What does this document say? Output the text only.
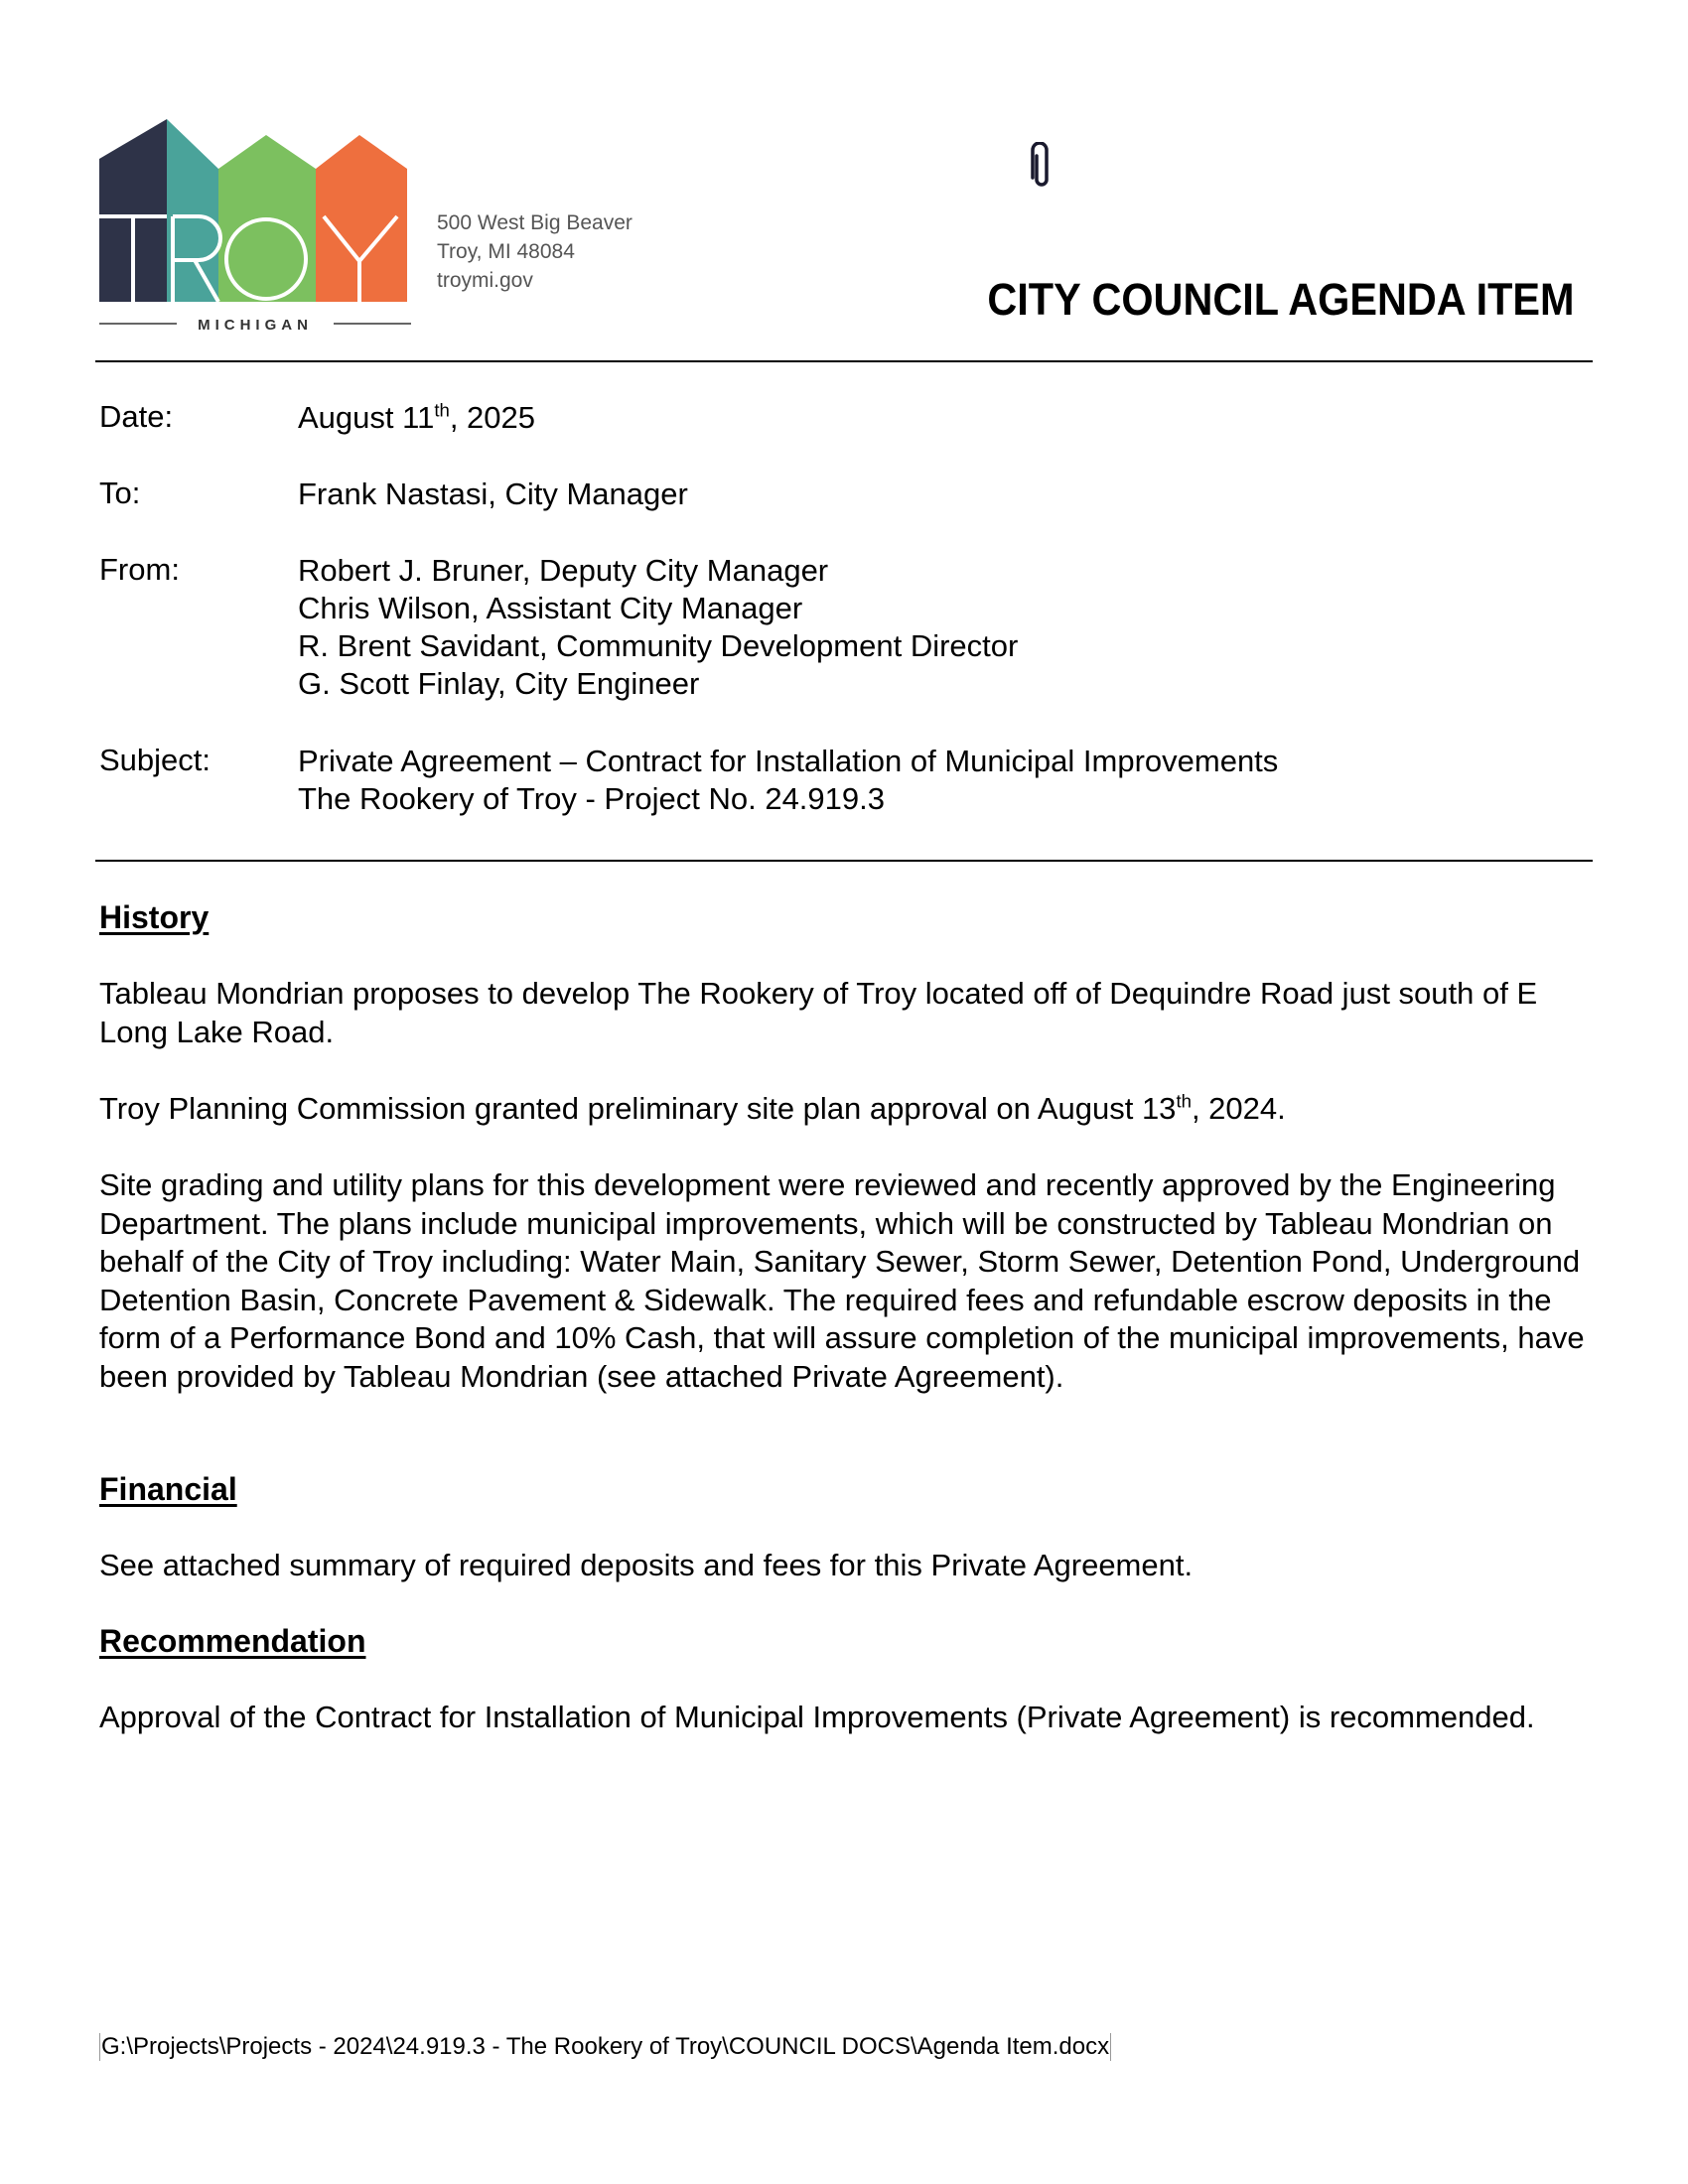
MICHIGAN
500 West Big Beaver
Troy, MI 48084
troymi.gov	CITY COUNCIL AGENDA ITEM
Date:	August 11th, 2025
To:	Frank Nastasi, City Manager
From:	Robert J. Bruner, Deputy City Manager
Chris Wilson, Assistant City Manager
R. Brent Savidant, Community Development Director
G. Scott Finlay, City Engineer
Subject:	Private Agreement – Contract for Installation of Municipal Improvements
The Rookery of Troy - Project No. 24.919.3
History
Tableau Mondrian proposes to develop The Rookery of Troy located off of Dequindre Road just south of E Long Lake Road.
Troy Planning Commission granted preliminary site plan approval on August 13th, 2024.
Site grading and utility plans for this development were reviewed and recently approved by the Engineering Department. The plans include municipal improvements, which will be constructed by Tableau Mondrian on behalf of the City of Troy including: Water Main, Sanitary Sewer, Storm Sewer, Detention Pond, Underground Detention Basin, Concrete Pavement & Sidewalk. The required fees and refundable escrow deposits in the form of a Performance Bond and 10% Cash, that will assure completion of the municipal improvements, have been provided by Tableau Mondrian (see attached Private Agreement).
Financial
See attached summary of required deposits and fees for this Private Agreement.
Recommendation
Approval of the Contract for Installation of Municipal Improvements (Private Agreement) is recommended.
G:\Projects\Projects - 2024\24.919.3 - The Rookery of Troy\COUNCIL DOCS\Agenda Item.docx
